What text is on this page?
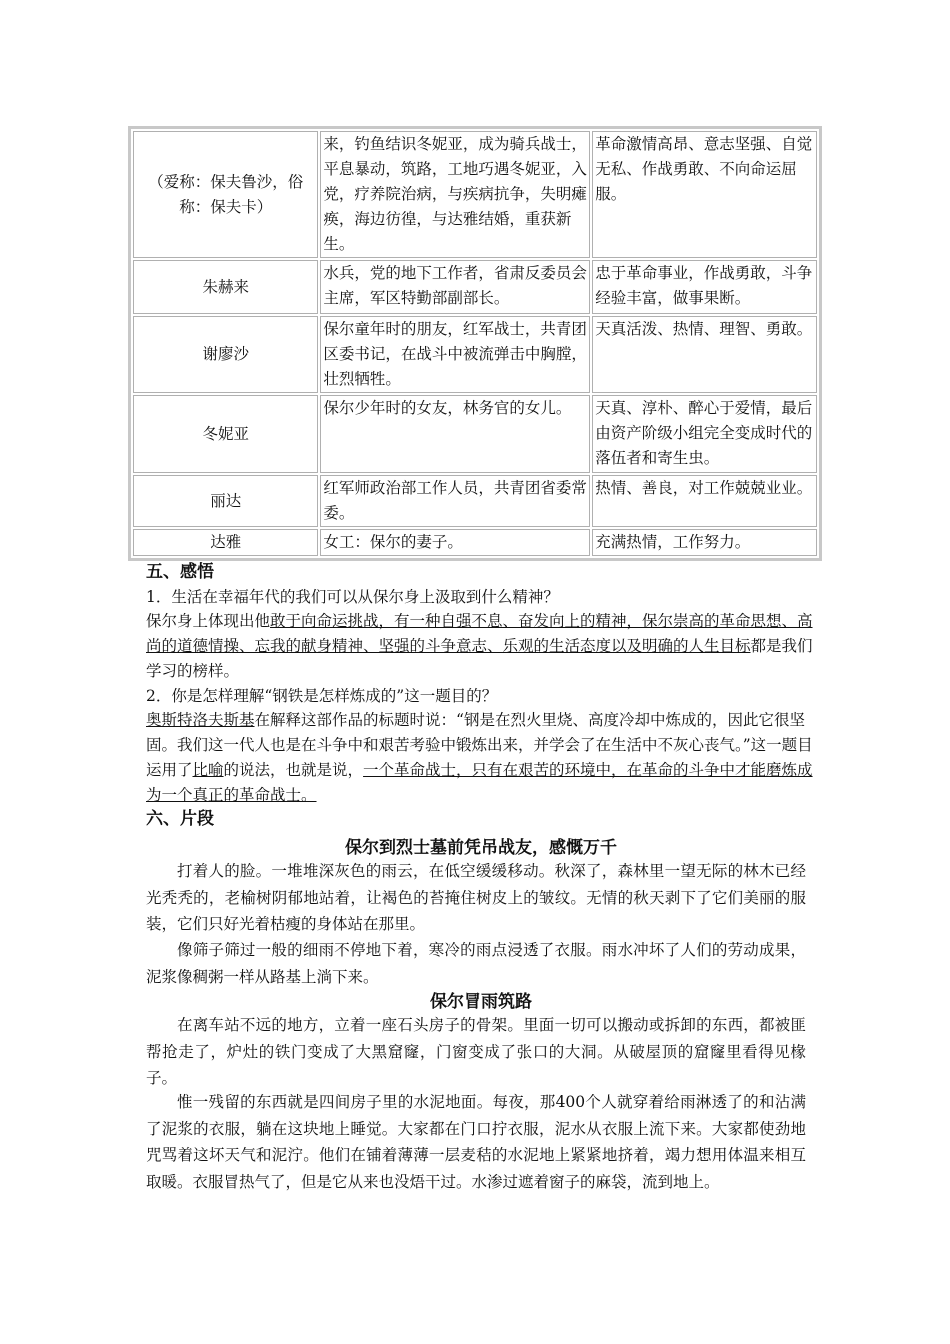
（爱称：保夫鲁沙，俗称：保夫卡）	来，钓鱼结识冬妮亚，成为骑兵战士，平息暴动，筑路，工地巧遇冬妮亚，入党，疗养院治病，与疾病抗争，失明瘫痪，海边彷徨，与达雅结婚，重获新生。	革命激情高昂、意志坚强、自觉无私、作战勇敢、不向命运屈服。
朱赫来	水兵，党的地下工作者，省肃反委员会主席，军区特勤部副部长。	忠于革命事业，作战勇敢，斗争经验丰富，做事果断。
谢廖沙	保尔童年时的朋友，红军战士，共青团区委书记，在战斗中被流弹击中胸膛，壮烈牺牲。	天真活泼、热情、理智、勇敢。
冬妮亚	保尔少年时的女友，林务官的女儿。	天真、淳朴、醉心于爱情，最后由资产阶级小组完全变成时代的落伍者和寄生虫。
丽达	红军师政治部工作人员，共青团省委常委。	热情、善良，对工作兢兢业业。
达雅	女工：保尔的妻子。	充满热情，工作努力。
五、感悟
1．生活在幸福年代的我们可以从保尔身上汲取到什么精神？
保尔身上体现出他敢于向命运挑战，有一种自强不息、奋发向上的精神，保尔崇高的革命思想、高尚的道德情操、忘我的献身精神、坚强的斗争意志、乐观的生活态度以及明确的人生目标都是我们学习的榜样。
2．你是怎样理解“钢铁是怎样炼成的”这一题目的？
奥斯特洛夫斯基在解释这部作品的标题时说：“钢是在烈火里烧、高度冷却中炼成的，因此它很坚固。我们这一代人也是在斗争中和艰苦考验中锻炼出来，并学会了在生活中不灰心丧气。”这一题目运用了比喻的说法，也就是说，一个革命战士，只有在艰苦的环境中，在革命的斗争中才能磨炼成为一个真正的革命战士。
六、片段
保尔到烈士墓前凭吊战友，感慨万千
打着人的脸。一堆堆深灰色的雨云，在低空缓缓移动。秋深了，森林里一望无际的林木已经光秃秃的，老榆树阴郁地站着，让褐色的苔掩住树皮上的皱纹。无情的秋天剥下了它们美丽的服装，它们只好光着枯瘦的身体站在那里。
像筛子筛过一般的细雨不停地下着，寒冷的雨点浸透了衣服。雨水冲坏了人们的劳动成果，泥浆像稠粥一样从路基上淌下来。
保尔冒雨筑路
在离车站不远的地方，立着一座石头房子的骨架。里面一切可以搬动或拆卸的东西，都被匪帮抢走了，炉灶的铁门变成了大黑窟窿，门窗变成了张口的大洞。从破屋顶的窟窿里看得见椽子。
惟一残留的东西就是四间房子里的水泥地面。每夜，那400个人就穿着给雨淋透了的和沾满了泥浆的衣服，躺在这块地上睡觉。大家都在门口拧衣服，泥水从衣服上流下来。大家都使劲地咒骂着这坏天气和泥泞。他们在铺着薄薄一层麦秸的水泥地上紧紧地挤着，竭力想用体温来相互取暖。衣服冒热气了，但是它从来也没焐干过。水渗过遮着窗子的麻袋，流到地上。
